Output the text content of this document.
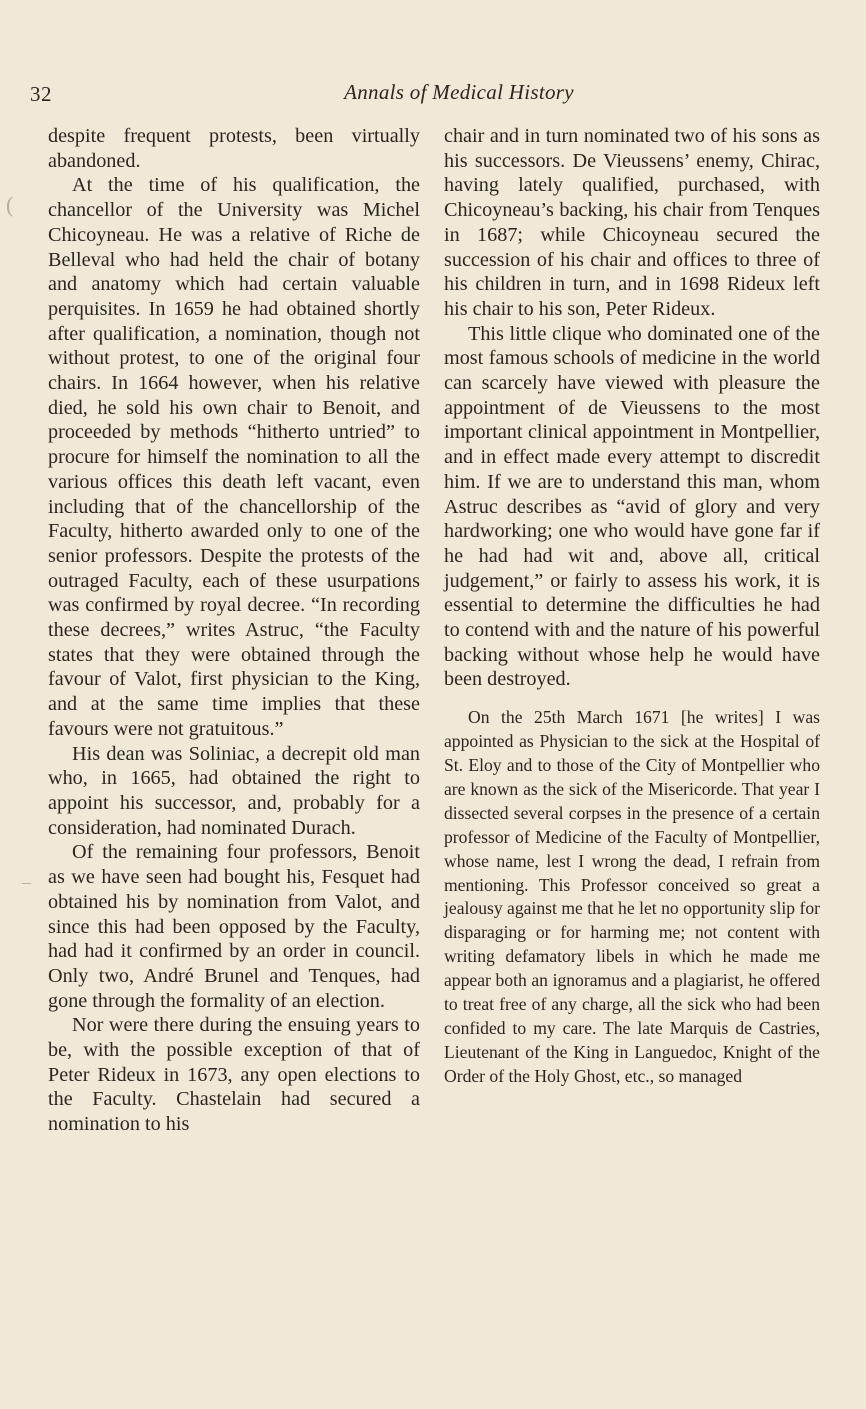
32	Annals of Medical History

despite frequent protests, been virtually abandoned.

At the time of his qualification, the chancellor of the University was Michel Chicoyneau. He was a relative of Riche de Belleval who had held the chair of botany and anatomy which had certain valuable perquisites. In 1659 he had obtained shortly after qualification, a nomination, though not without protest, to one of the original four chairs. In 1664 however, when his relative died, he sold his own chair to Benoit, and proceeded by methods “hitherto untried” to procure for himself the nomination to all the various offices this death left vacant, even including that of the chancellorship of the Faculty, hitherto awarded only to one of the senior professors. Despite the protests of the outraged Faculty, each of these usurpations was confirmed by royal decree. “In recording these decrees,” writes Astruc, “the Faculty states that they were obtained through the favour of Valot, first physician to the King, and at the same time implies that these favours were not gratuitous.”

His dean was Soliniac, a decrepit old man who, in 1665, had obtained the right to appoint his successor, and, probably for a consideration, had nominated Durach.

Of the remaining four professors, Benoit as we have seen had bought his, Fesquet had obtained his by nomination from Valot, and since this had been opposed by the Faculty, had had it confirmed by an order in council. Only two, André Brunel and Tenques, had gone through the formality of an election.

Nor were there during the ensuing years to be, with the possible exception of that of Peter Rideux in 1673, any open elections to the Faculty. Chastelain had secured a nomination to his

chair and in turn nominated two of his sons as his successors. De Vieussens’ enemy, Chirac, having lately qualified, purchased, with Chicoyneau’s backing, his chair from Tenques in 1687; while Chicoyneau secured the succession of his chair and offices to three of his children in turn, and in 1698 Rideux left his chair to his son, Peter Rideux.

This little clique who dominated one of the most famous schools of medicine in the world can scarcely have viewed with pleasure the appointment of de Vieussens to the most important clinical appointment in Montpellier, and in effect made every attempt to discredit him. If we are to understand this man, whom Astruc describes as “avid of glory and very hardworking; one who would have gone far if he had had wit and, above all, critical judgement,” or fairly to assess his work, it is essential to determine the difficulties he had to contend with and the nature of his powerful backing without whose help he would have been destroyed.

On the 25th March 1671 [he writes] I was appointed as Physician to the sick at the Hospital of St. Eloy and to those of the City of Montpellier who are known as the sick of the Misericorde. That year I dissected several corpses in the presence of a certain professor of Medicine of the Faculty of Montpellier, whose name, lest I wrong the dead, I refrain from mentioning. This Professor conceived so great a jealousy against me that he let no opportunity slip for disparaging or for harming me; not content with writing defamatory libels in which he made me appear both an ignoramus and a plagiarist, he offered to treat free of any charge, all the sick who had been confided to my care. The late Marquis de Castries, Lieutenant of the King in Languedoc, Knight of the Order of the Holy Ghost, etc., so managed

(
–
